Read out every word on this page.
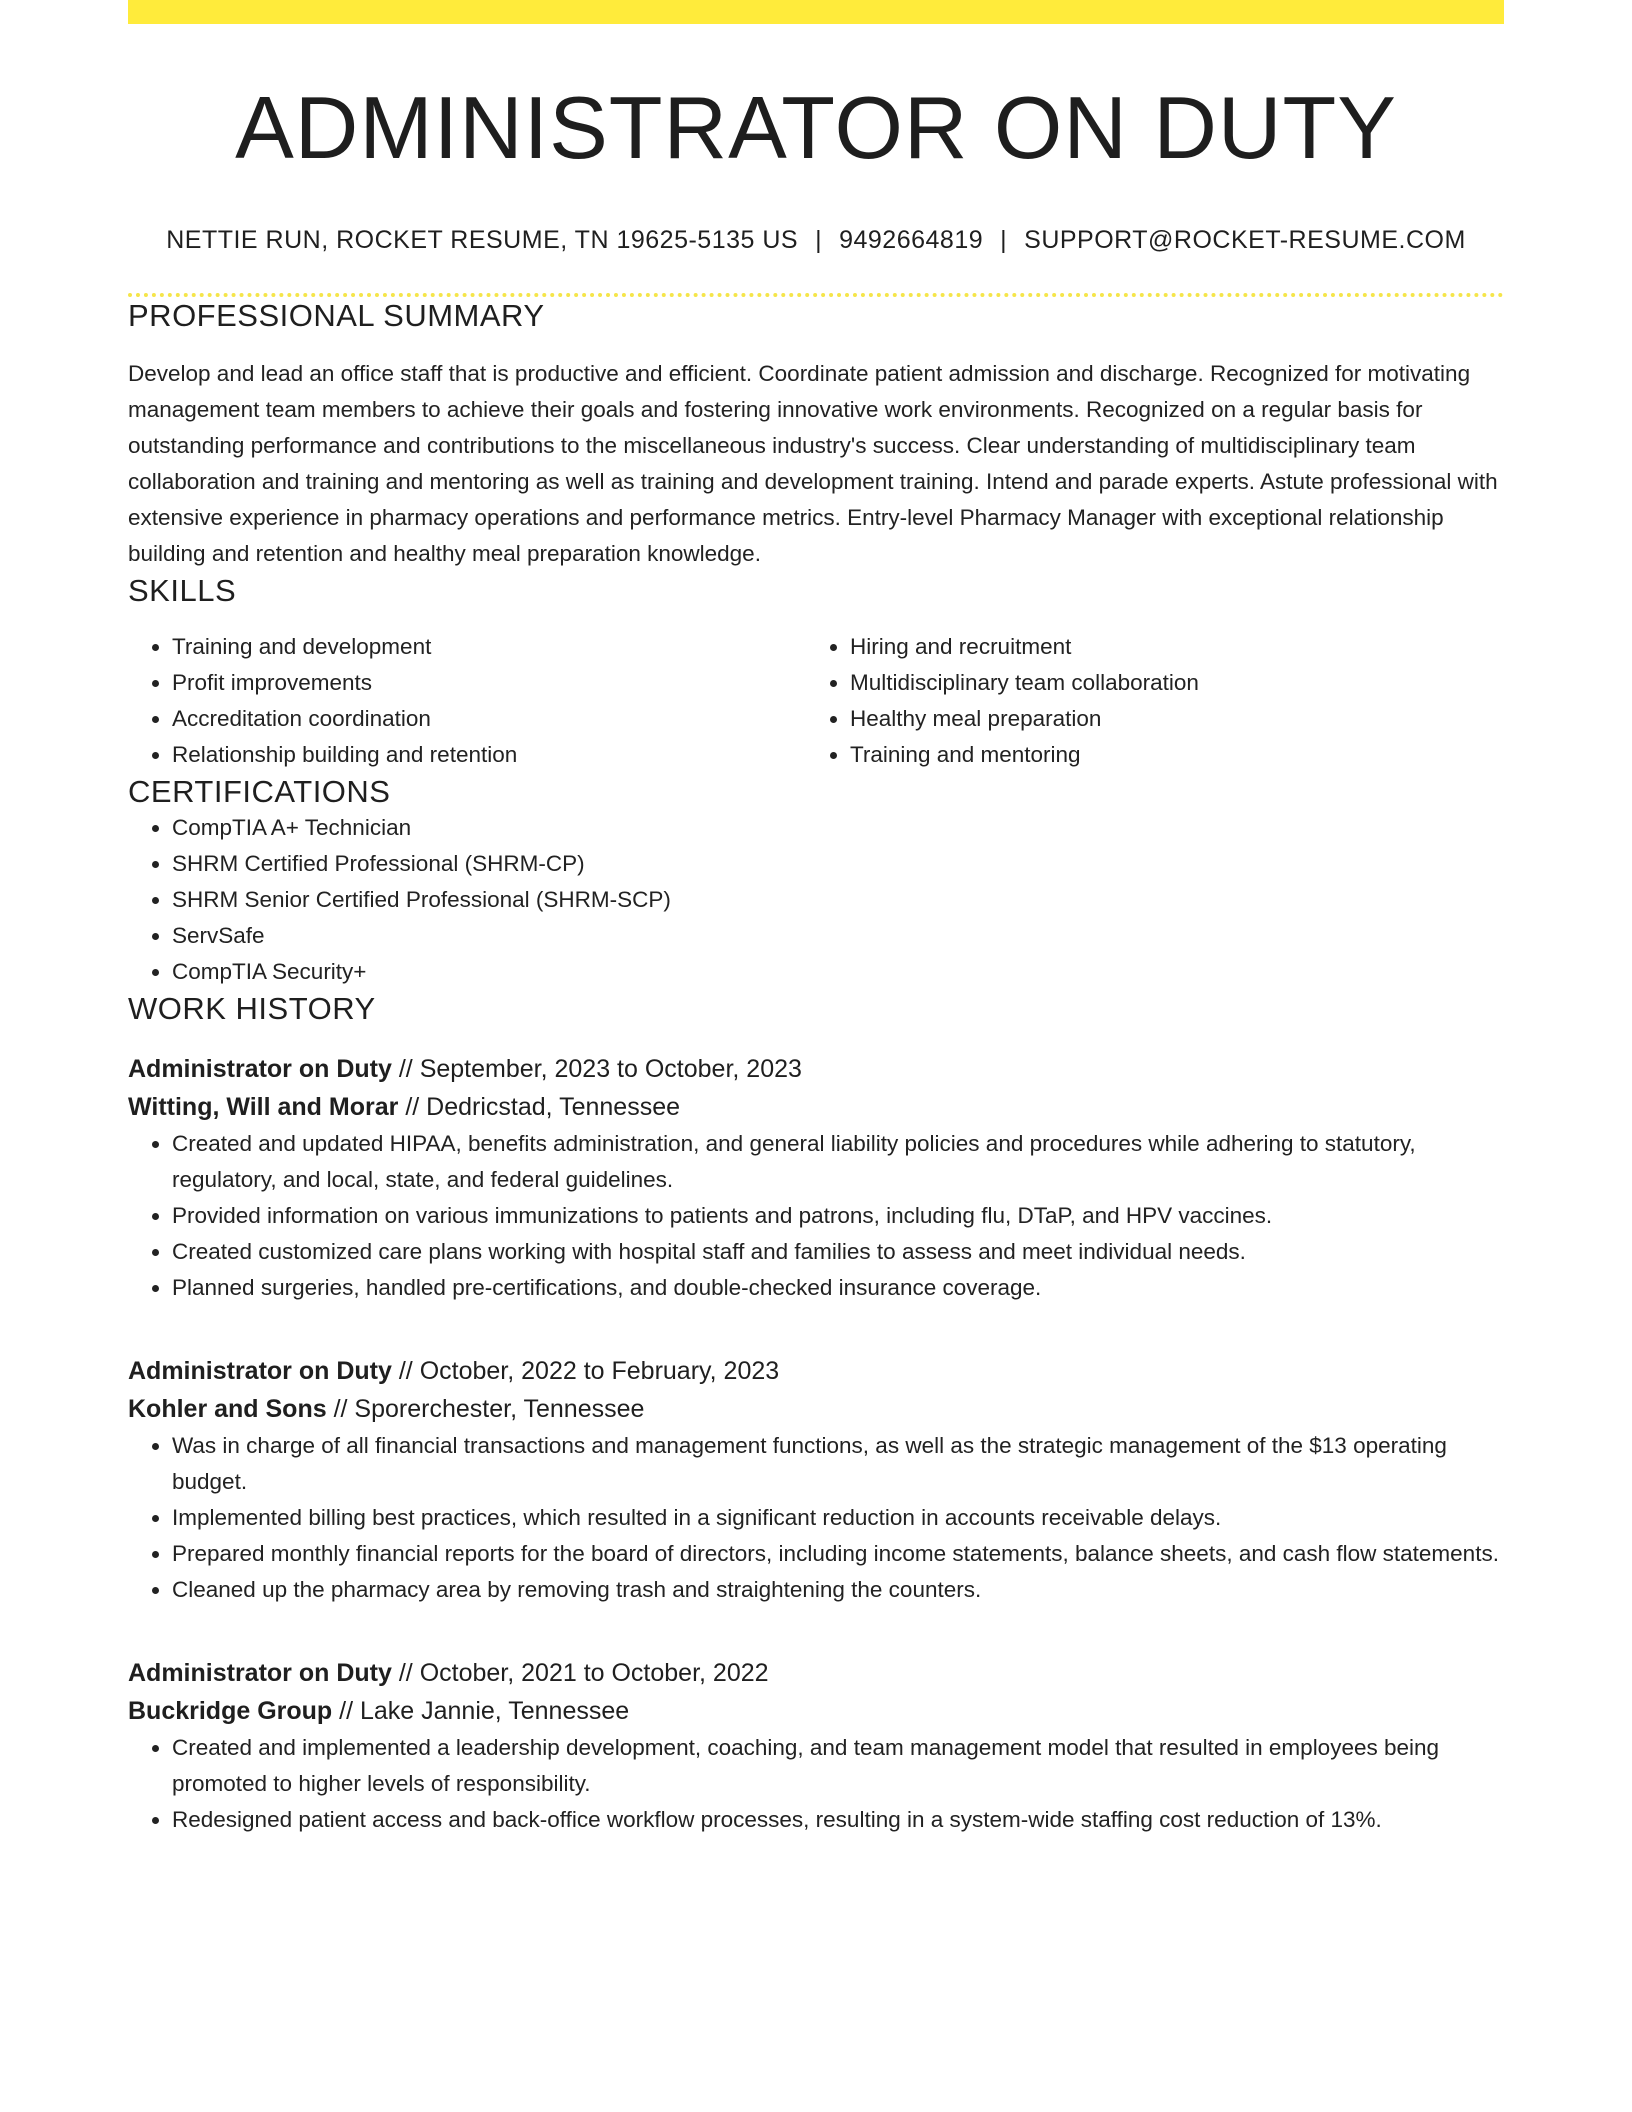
ADMINISTRATOR ON DUTY
NETTIE RUN, ROCKET RESUME, TN 19625-5135 US | 9492664819 | SUPPORT@ROCKET-RESUME.COM
PROFESSIONAL SUMMARY

Develop and lead an office staff that is productive and efficient. Coordinate patient admission and discharge. Recognized for motivating management team members to achieve their goals and fostering innovative work environments. Recognized on a regular basis for outstanding performance and contributions to the miscellaneous industry's success. Clear understanding of multidisciplinary team collaboration and training and mentoring as well as training and development training. Intend and parade experts. Astute professional with extensive experience in pharmacy operations and performance metrics. Entry-level Pharmacy Manager with exceptional relationship building and retention and healthy meal preparation knowledge.

SKILLS
• Training and development
• Profit improvements
• Accreditation coordination
• Relationship building and retention
• Hiring and recruitment
• Multidisciplinary team collaboration
• Healthy meal preparation
• Training and mentoring
CERTIFICATIONS
• CompTIA A+ Technician
• SHRM Certified Professional (SHRM-CP)
• SHRM Senior Certified Professional (SHRM-SCP)
• ServSafe
• CompTIA Security+
WORK HISTORY
Administrator on Duty // September, 2023 to October, 2023
Witting, Will and Morar // Dedricstad, Tennessee
• Created and updated HIPAA, benefits administration, and general liability policies and procedures while adhering to statutory, regulatory, and local, state, and federal guidelines.
• Provided information on various immunizations to patients and patrons, including flu, DTaP, and HPV vaccines.
• Created customized care plans working with hospital staff and families to assess and meet individual needs.
• Planned surgeries, handled pre-certifications, and double-checked insurance coverage.
Administrator on Duty // October, 2022 to February, 2023
Kohler and Sons // Sporerchester, Tennessee
• Was in charge of all financial transactions and management functions, as well as the strategic management of the $13 operating budget.
• Implemented billing best practices, which resulted in a significant reduction in accounts receivable delays.
• Prepared monthly financial reports for the board of directors, including income statements, balance sheets, and cash flow statements.
• Cleaned up the pharmacy area by removing trash and straightening the counters.
Administrator on Duty // October, 2021 to October, 2022
Buckridge Group // Lake Jannie, Tennessee
• Created and implemented a leadership development, coaching, and team management model that resulted in employees being promoted to higher levels of responsibility.
• Redesigned patient access and back-office workflow processes, resulting in a system-wide staffing cost reduction of 13%.
